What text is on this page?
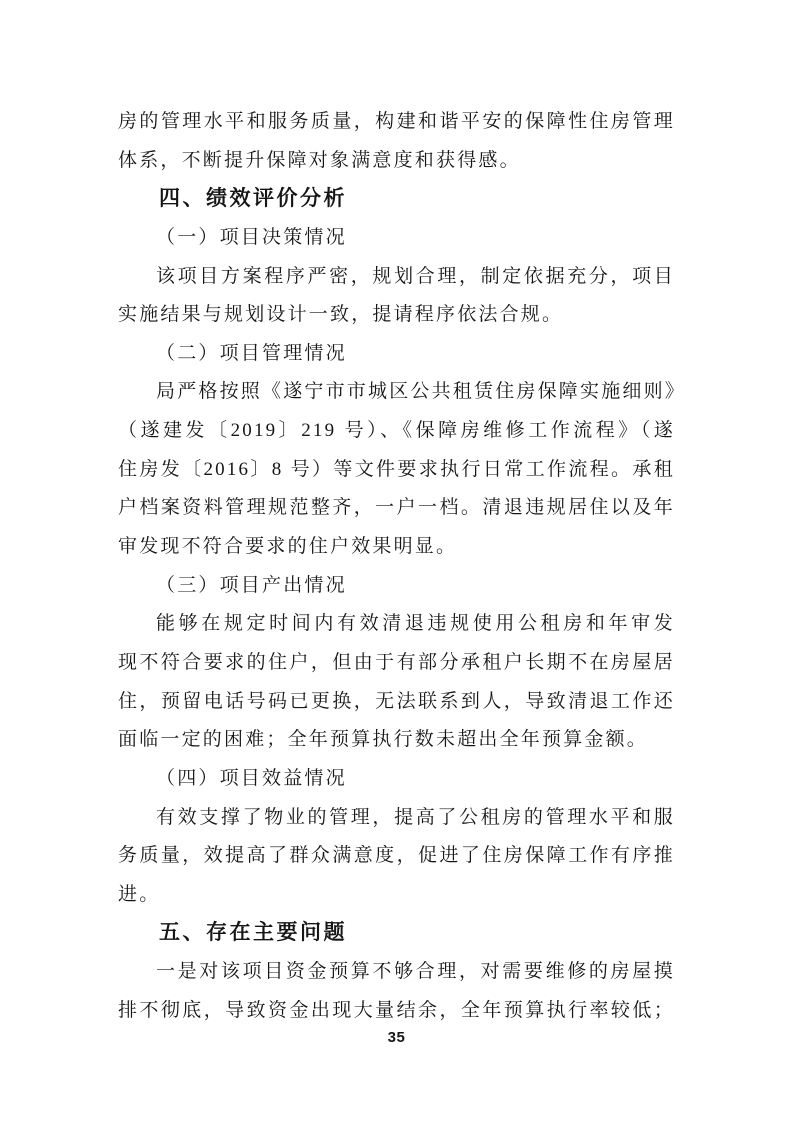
房的管理水平和服务质量，构建和谐平安的保障性住房管理
体系，不断提升保障对象满意度和获得感。
四、绩效评价分析
（一）项目决策情况
该项目方案程序严密，规划合理，制定依据充分，项目
实施结果与规划设计一致，提请程序依法合规。
（二）项目管理情况
局严格按照《遂宁市市城区公共租赁住房保障实施细则》
（遂建发〔2019〕219 号）、《保障房维修工作流程》（遂
住房发〔2016〕8 号）等文件要求执行日常工作流程。承租
户档案资料管理规范整齐，一户一档。清退违规居住以及年
审发现不符合要求的住户效果明显。
（三）项目产出情况
能够在规定时间内有效清退违规使用公租房和年审发
现不符合要求的住户，但由于有部分承租户长期不在房屋居
住，预留电话号码已更换，无法联系到人，导致清退工作还
面临一定的困难；全年预算执行数未超出全年预算金额。
（四）项目效益情况
有效支撑了物业的管理，提高了公租房的管理水平和服
务质量，效提高了群众满意度，促进了住房保障工作有序推
进。
五、存在主要问题
一是对该项目资金预算不够合理，对需要维修的房屋摸
排不彻底，导致资金出现大量结余，全年预算执行率较低；
35
